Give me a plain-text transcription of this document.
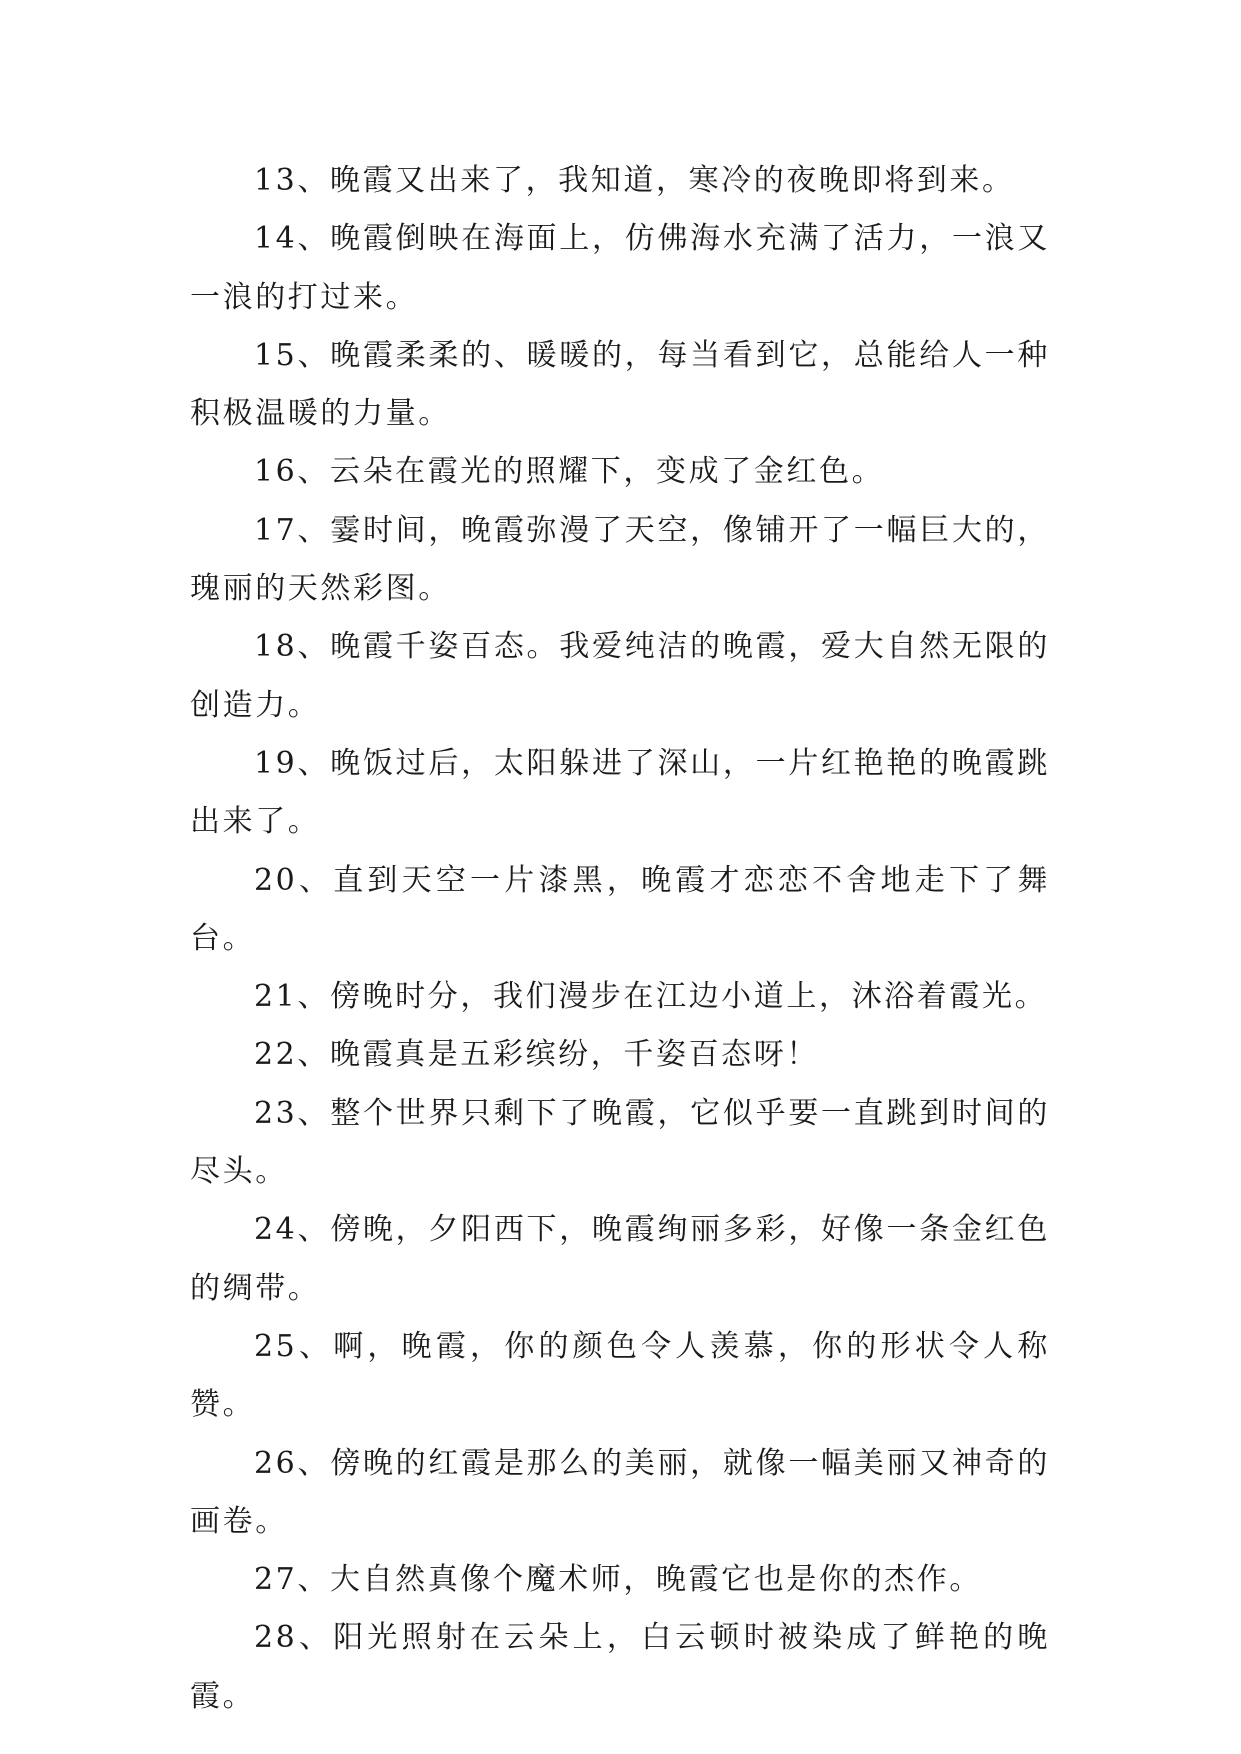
13、晚霞又出来了，我知道，寒冷的夜晚即将到来。

14、晚霞倒映在海面上，仿佛海水充满了活力，一浪又一浪的打过来。

15、晚霞柔柔的、暖暖的，每当看到它，总能给人一种积极温暖的力量。

16、云朵在霞光的照耀下，变成了金红色。

17、霎时间，晚霞弥漫了天空，像铺开了一幅巨大的，瑰丽的天然彩图。

18、晚霞千姿百态。我爱纯洁的晚霞，爱大自然无限的创造力。

19、晚饭过后，太阳躲进了深山，一片红艳艳的晚霞跳出来了。

20、直到天空一片漆黑，晚霞才恋恋不舍地走下了舞台。

21、傍晚时分，我们漫步在江边小道上，沐浴着霞光。

22、晚霞真是五彩缤纷，千姿百态呀！

23、整个世界只剩下了晚霞，它似乎要一直跳到时间的尽头。

24、傍晚，夕阳西下，晚霞绚丽多彩，好像一条金红色的绸带。

25、啊，晚霞，你的颜色令人羡慕，你的形状令人称赞。

26、傍晚的红霞是那么的美丽，就像一幅美丽又神奇的画卷。

27、大自然真像个魔术师，晚霞它也是你的杰作。

28、阳光照射在云朵上，白云顿时被染成了鲜艳的晚霞。
